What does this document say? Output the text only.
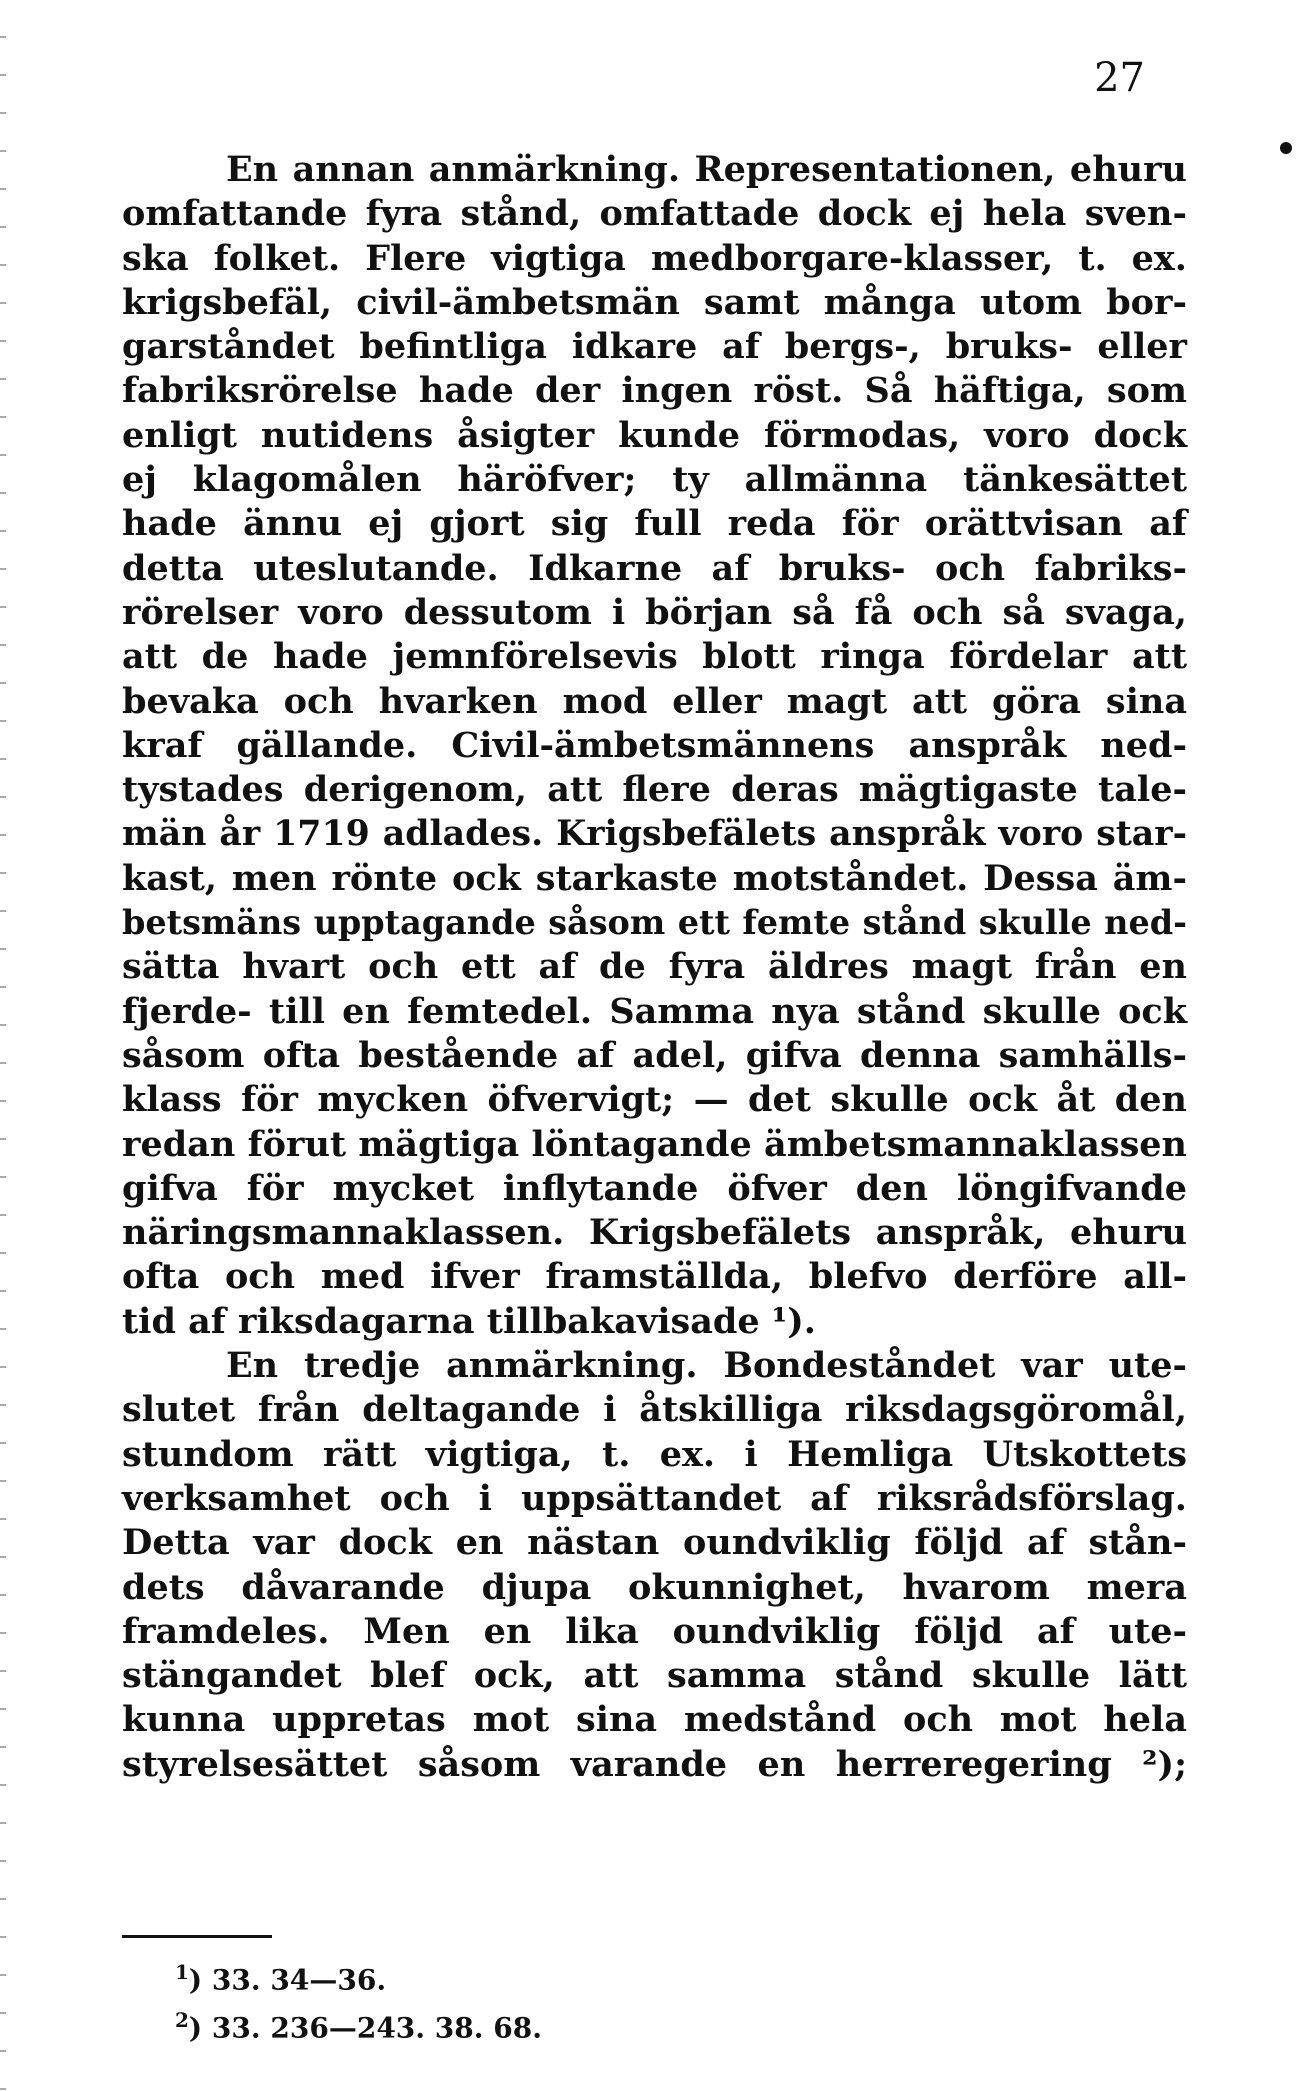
27
En annan anmärkning. Representationen, ehuru
omfattande fyra stånd, omfattade dock ej hela sven-
ska folket. Flere vigtiga medborgare-klasser, t. ex.
krigsbefäl, civil-ämbetsmän samt många utom bor-
garståndet befintliga idkare af bergs-, bruks- eller
fabriksrörelse hade der ingen röst. Så häftiga, som
enligt nutidens åsigter kunde förmodas, voro dock
ej klagomålen häröfver; ty allmänna tänkesättet
hade ännu ej gjort sig full reda för orättvisan af
detta uteslutande. Idkarne af bruks- och fabriks-
rörelser voro dessutom i början så få och så svaga,
att de hade jemnförelsevis blott ringa fördelar att
bevaka och hvarken mod eller magt att göra sina
kraf gällande. Civil-ämbetsmännens anspråk ned-
tystades derigenom, att flere deras mägtigaste tale-
män år 1719 adlades. Krigsbefälets anspråk voro star-
kast, men rönte ock starkaste motståndet. Dessa äm-
betsmäns upptagande såsom ett femte stånd skulle ned-
sätta hvart och ett af de fyra äldres magt från en
fjerde- till en femtedel. Samma nya stånd skulle ock
såsom ofta bestående af adel, gifva denna samhälls-
klass för mycken öfvervigt; — det skulle ock åt den
redan förut mägtiga löntagande ämbetsmannaklassen
gifva för mycket inflytande öfver den löngifvande
näringsmannaklassen. Krigsbefälets anspråk, ehuru
ofta och med ifver framställda, blefvo derföre all-
tid af riksdagarna tillbakavisade ¹).
En tredje anmärkning. Bondeståndet var ute-
slutet från deltagande i åtskilliga riksdagsgöromål,
stundom rätt vigtiga, t. ex. i Hemliga Utskottets
verksamhet och i uppsättandet af riksrådsförslag.
Detta var dock en nästan oundviklig följd af stån-
dets dåvarande djupa okunnighet, hvarom mera
framdeles. Men en lika oundviklig följd af ute-
stängandet blef ock, att samma stånd skulle lätt
kunna uppretas mot sina medstånd och mot hela
styrelsesättet såsom varande en herreregering ²);
$^1$) 33. 34—36.
$^2$) 33. 236—243. 38. 68.
